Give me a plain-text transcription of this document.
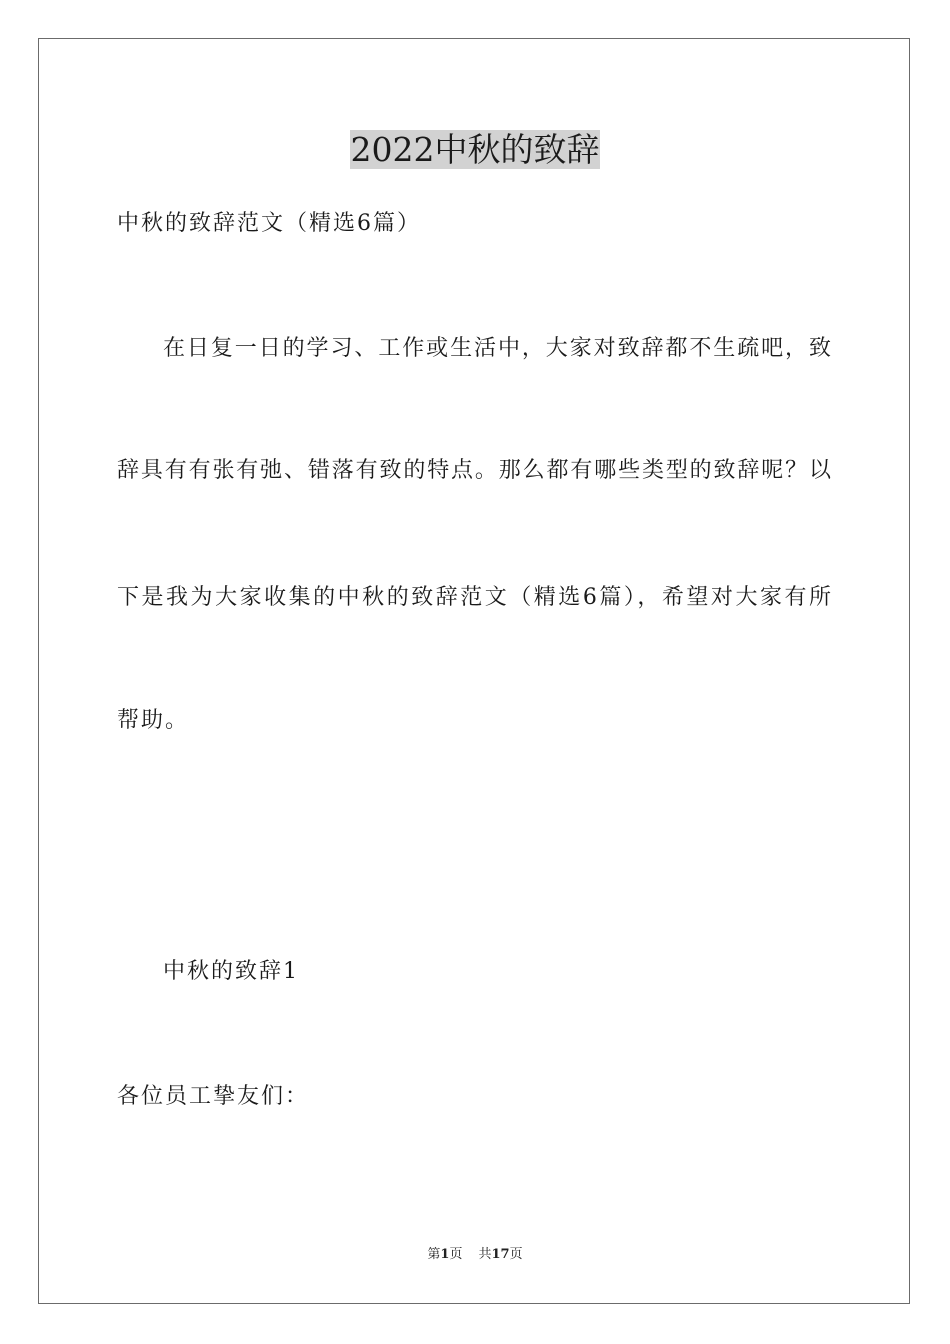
2022中秋的致辞
中秋的致辞范文（精选6篇）
在日复一日的学习、工作或生活中，大家对致辞都不生疏吧，致
辞具有有张有弛、错落有致的特点。那么都有哪些类型的致辞呢？以
下是我为大家收集的中秋的致辞范文（精选6篇），希望对大家有所
帮助。
中秋的致辞1
各位员工挚友们：
第1页 共17页
